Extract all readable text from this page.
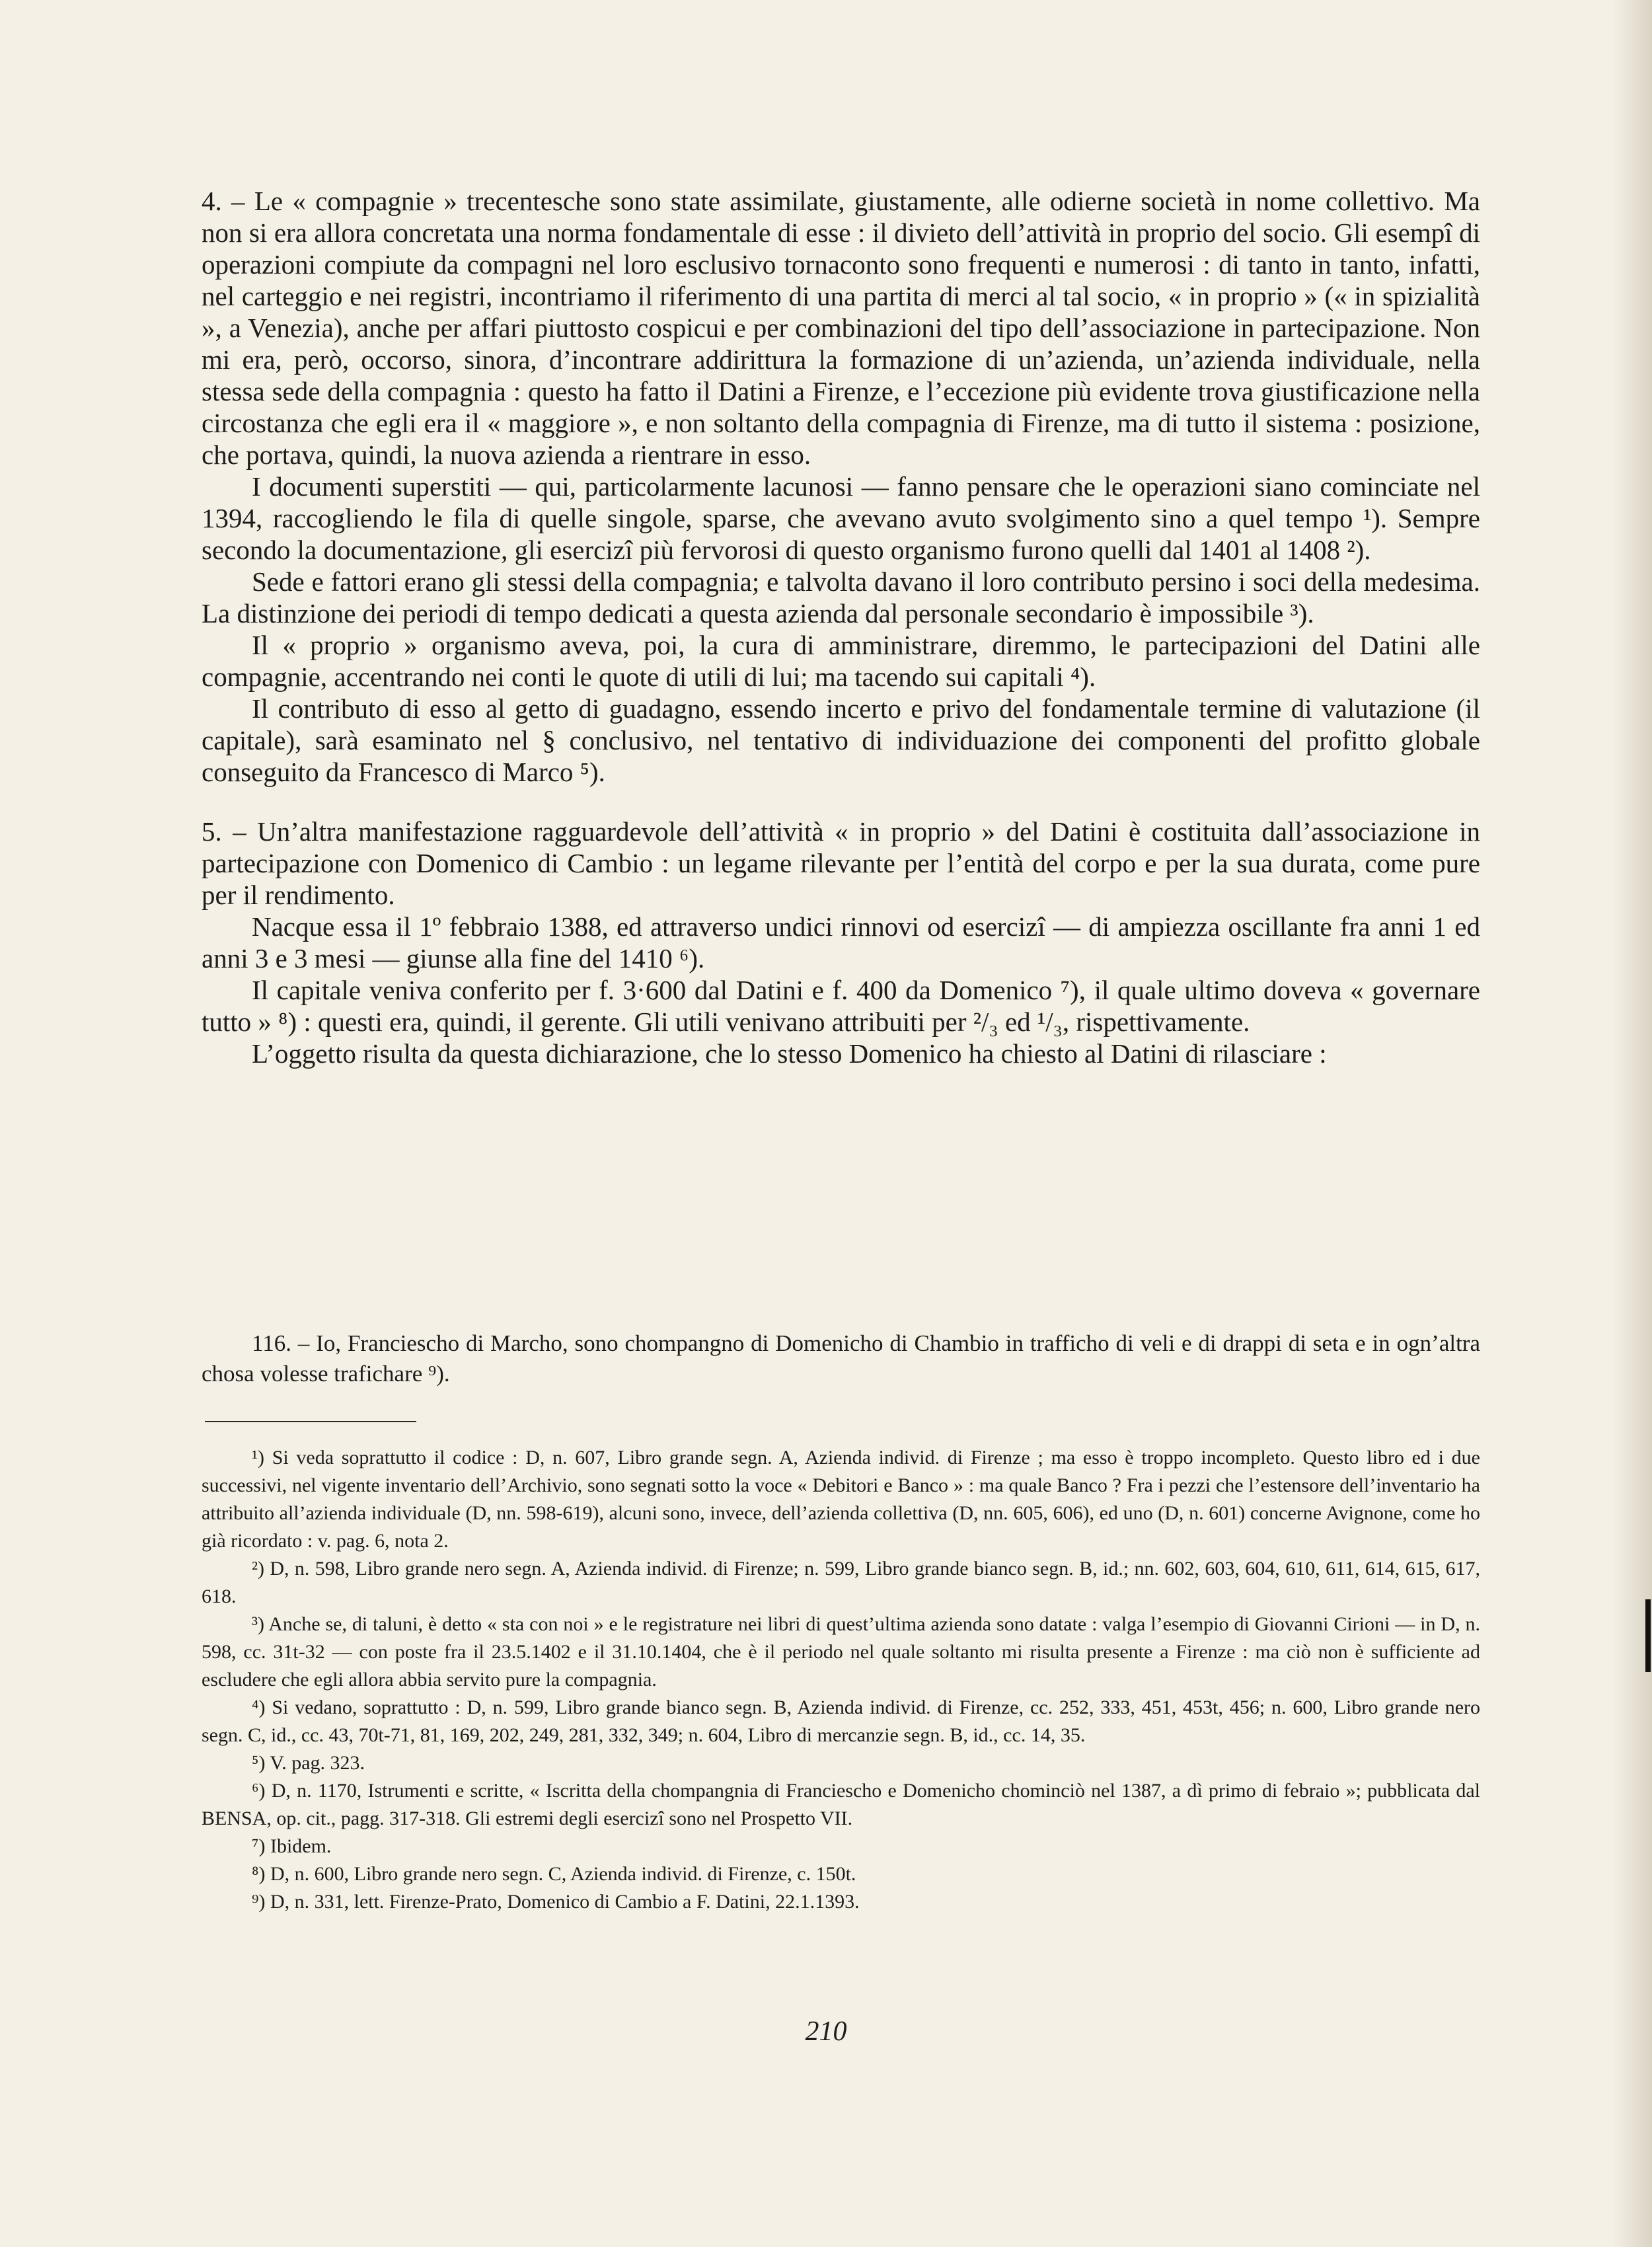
4. – Le « compagnie » trecentesche sono state assimilate, giustamente, alle odierne società in nome collettivo. Ma non si era allora concretata una norma fondamentale di esse : il divieto dell’attività in proprio del socio. Gli esempî di operazioni compiute da compagni nel loro esclusivo tornaconto sono frequenti e numerosi : di tanto in tanto, infatti, nel carteggio e nei registri, incontriamo il riferimento di una partita di merci al tal socio, « in proprio » (« in spizialità », a Venezia), anche per affari piuttosto cospicui e per combinazioni del tipo dell’associazione in partecipazione. Non mi era, però, occorso, sinora, d’incontrare addirittura la formazione di un’azienda, un’azienda individuale, nella stessa sede della compagnia : questo ha fatto il Datini a Firenze, e l’eccezione più evidente trova giustificazione nella circostanza che egli era il « maggiore », e non soltanto della compagnia di Firenze, ma di tutto il sistema : posizione, che portava, quindi, la nuova azienda a rientrare in esso.

I documenti superstiti — qui, particolarmente lacunosi — fanno pensare che le operazioni siano cominciate nel 1394, raccogliendo le fila di quelle singole, sparse, che avevano avuto svolgimento sino a quel tempo ¹). Sempre secondo la documentazione, gli esercizî più fervorosi di questo organismo furono quelli dal 1401 al 1408 ²).

Sede e fattori erano gli stessi della compagnia; e talvolta davano il loro contributo persino i soci della medesima. La distinzione dei periodi di tempo dedicati a questa azienda dal personale secondario è impossibile ³).

Il « proprio » organismo aveva, poi, la cura di amministrare, diremmo, le partecipazioni del Datini alle compagnie, accentrando nei conti le quote di utili di lui; ma tacendo sui capitali ⁴).

Il contributo di esso al getto di guadagno, essendo incerto e privo del fondamentale termine di valutazione (il capitale), sarà esaminato nel § conclusivo, nel tentativo di individuazione dei componenti del profitto globale conseguito da Francesco di Marco ⁵).

5. – Un’altra manifestazione ragguardevole dell’attività « in proprio » del Datini è costituita dall’associazione in partecipazione con Domenico di Cambio : un legame rilevante per l’entità del corpo e per la sua durata, come pure per il rendimento.

Nacque essa il 1º febbraio 1388, ed attraverso undici rinnovi od esercizî — di ampiezza oscillante fra anni 1 ed anni 3 e 3 mesi — giunse alla fine del 1410 ⁶).

Il capitale veniva conferito per f. 3·600 dal Datini e f. 400 da Domenico ⁷), il quale ultimo doveva « governare tutto » ⁸) : questi era, quindi, il gerente. Gli utili venivano attribuiti per ²/₃ ed ¹/₃, rispettivamente.

L’oggetto risulta da questa dichiarazione, che lo stesso Domenico ha chiesto al Datini di rilasciare :

116. – Io, Franciescho di Marcho, sono chompangno di Domenicho di Chambio in trafficho di veli e di drappi di seta e in ogn’altra chosa volesse trafichare ⁹).

¹) Si veda soprattutto il codice : D, n. 607, Libro grande segn. A, Azienda individ. di Firenze ; ma esso è troppo incompleto. Questo libro ed i due successivi, nel vigente inventario dell’Archivio, sono segnati sotto la voce « Debitori e Banco » : ma quale Banco ? Fra i pezzi che l’estensore dell’inventario ha attribuito all’azienda individuale (D, nn. 598-619), alcuni sono, invece, dell’azienda collettiva (D, nn. 605, 606), ed uno (D, n. 601) concerne Avignone, come ho già ricordato : v. pag. 6, nota 2.

²) D, n. 598, Libro grande nero segn. A, Azienda individ. di Firenze; n. 599, Libro grande bianco segn. B, id.; nn. 602, 603, 604, 610, 611, 614, 615, 617, 618.

³) Anche se, di taluni, è detto « sta con noi » e le registrature nei libri di quest’ultima azienda sono datate : valga l’esempio di Giovanni Cirioni — in D, n. 598, cc. 31t-32 — con poste fra il 23.5.1402 e il 31.10.1404, che è il periodo nel quale soltanto mi risulta presente a Firenze : ma ciò non è sufficiente ad escludere che egli allora abbia servito pure la compagnia.

⁴) Si vedano, soprattutto : D, n. 599, Libro grande bianco segn. B, Azienda individ. di Firenze, cc. 252, 333, 451, 453t, 456; n. 600, Libro grande nero segn. C, id., cc. 43, 70t-71, 81, 169, 202, 249, 281, 332, 349; n. 604, Libro di mercanzie segn. B, id., cc. 14, 35.

⁵) V. pag. 323.

⁶) D, n. 1170, Istrumenti e scritte, « Iscritta della chompangnia di Franciescho e Domenicho chominciò nel 1387, a dì primo di febraio »; pubblicata dal BENSA, op. cit., pagg. 317-318. Gli estremi degli esercizî sono nel Prospetto VII.

⁷) Ibidem.

⁸) D, n. 600, Libro grande nero segn. C, Azienda individ. di Firenze, c. 150t.

⁹) D, n. 331, lett. Firenze-Prato, Domenico di Cambio a F. Datini, 22.1.1393.

210
